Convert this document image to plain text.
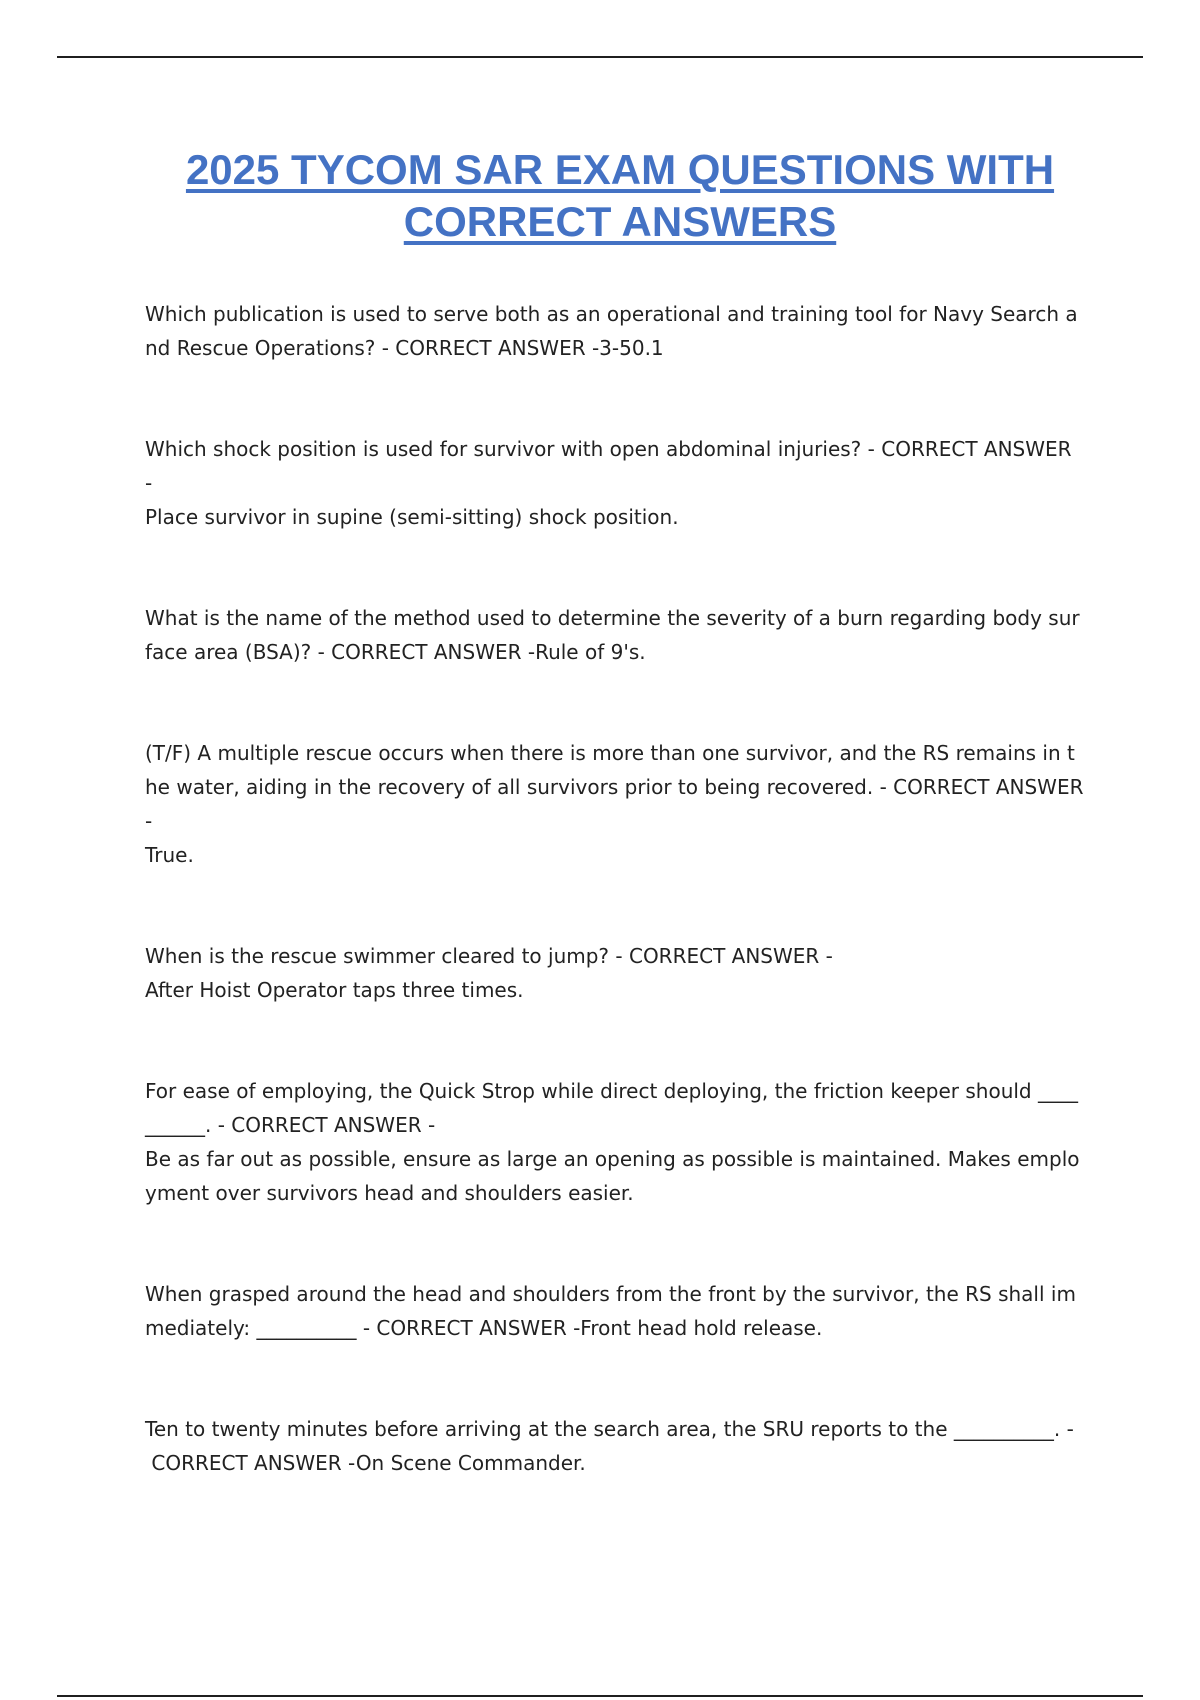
2025 TYCOM SAR EXAM QUESTIONS WITH CORRECT ANSWERS

Which publication is used to serve both as an operational and training tool for Navy Search and Rescue Operations? - CORRECT ANSWER -3-50.1

Which shock position is used for survivor with open abdominal injuries? - CORRECT ANSWER -
Place survivor in supine (semi-sitting) shock position.

What is the name of the method used to determine the severity of a burn regarding body surface area (BSA)? - CORRECT ANSWER -Rule of 9's.

(T/F) A multiple rescue occurs when there is more than one survivor, and the RS remains in the water, aiding in the recovery of all survivors prior to being recovered. - CORRECT ANSWER -
True.

When is the rescue swimmer cleared to jump? - CORRECT ANSWER -
After Hoist Operator taps three times.

For ease of employing, the Quick Strop while direct deploying, the friction keeper should __________. - CORRECT ANSWER -
Be as far out as possible, ensure as large an opening as possible is maintained. Makes employment over survivors head and shoulders easier.

When grasped around the head and shoulders from the front by the survivor, the RS shall immediately: __________ - CORRECT ANSWER -Front head hold release.

Ten to twenty minutes before arriving at the search area, the SRU reports to the __________. -
CORRECT ANSWER -On Scene Commander.
